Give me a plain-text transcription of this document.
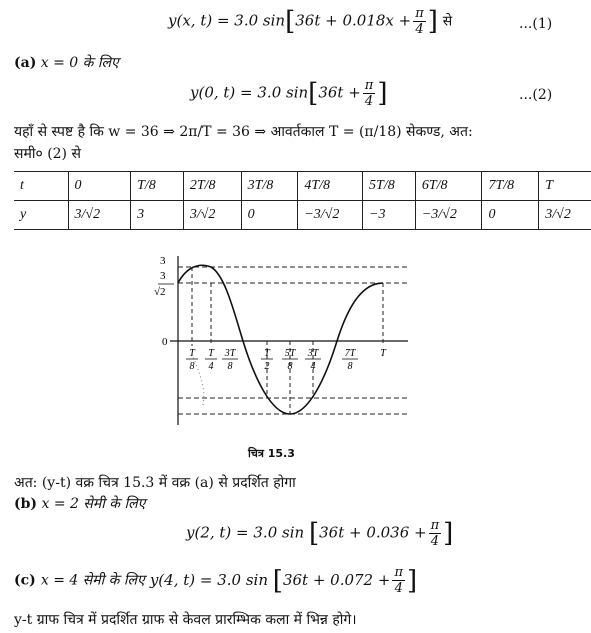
y(x, t) = 3.0 $\sin[36t + 0.018x + \frac{\pi}{4}$ ] से	...(1)
(a) x = 0 के लिए
y(0, t) = 3.0 $\sin[36t + \frac{\pi}{4}$ ]	...(2)
यहाँ से स्पष्ट है कि w = 36 ⇒ 2π/T = 36 ⇒ आवर्तकाल T = (π/18) सेकण्ड, अत:
समी० (2) से
t	0	T/8	2T/8	3T/8	4T/8	5T/8	6T/8	7T/8	T
y	3/√2	3	3/√2	0	−3/√2	−3	−3/√2	0	3/√2
3
3
√2
0
T
8
T
4
3T
8
T
2
5T
8
3T
4
7T
8
T
चित्र 15.3
अत: (y-t) वक्र चित्र 15.3 में वक्र (a) से प्रदर्शित होगा
(b) x = 2 सेमी के लिए
y(2, t) = 3.0 $\sin [36t + 0.036 + \frac{\pi}{4}$ ]
(c) x = 4 सेमी के लिए y(4, t) = 3.0 $\sin [36t + 0.072 + \frac{\pi}{4}$ ]
y-t ग्राफ चित्र में प्रदर्शित ग्राफ से केवल प्रारम्भिक कला में भिन्न होगे।
